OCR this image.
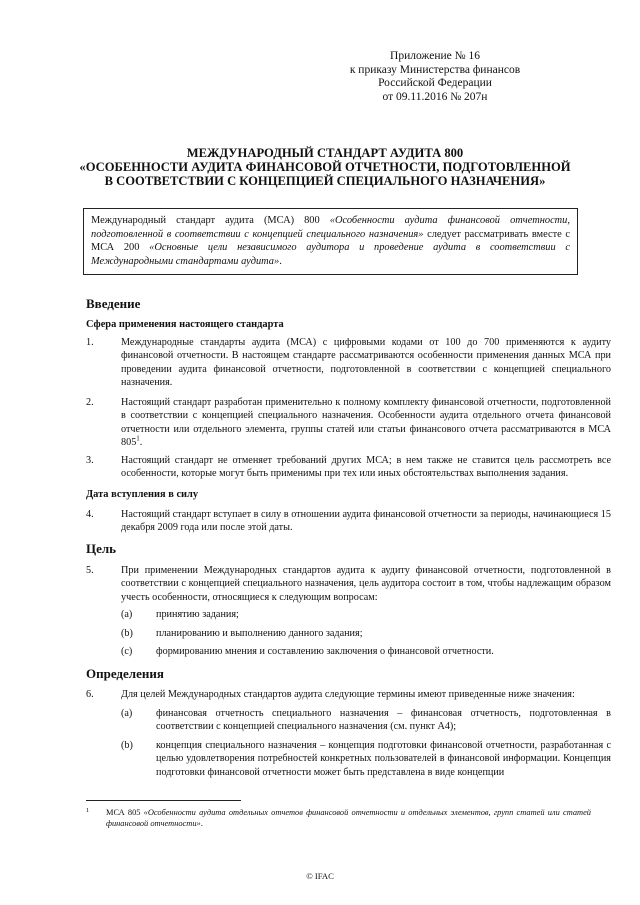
Приложение № 16
к приказу Министерства финансов
Российской Федерации
от 09.11.2016 № 207н
МЕЖДУНАРОДНЫЙ СТАНДАРТ АУДИТА 800
«ОСОБЕННОСТИ АУДИТА ФИНАНСОВОЙ ОТЧЕТНОСТИ, ПОДГОТОВЛЕННОЙ
В СООТВЕТСТВИИ С КОНЦЕПЦИЕЙ СПЕЦИАЛЬНОГО НАЗНАЧЕНИЯ»
Международный стандарт аудита (МСА) 800 «Особенности аудита финансовой отчетности, подготовленной в соответствии с концепцией специального назначения» следует рассматривать вместе с МСА 200 «Основные цели независимого аудитора и проведение аудита в соответствии с Международными стандартами аудита».
Введение
Сфера применения настоящего стандарта
1.	Международные стандарты аудита (МСА) с цифровыми кодами от 100 до 700 применяются к аудиту финансовой отчетности. В настоящем стандарте рассматриваются особенности применения данных МСА при проведении аудита финансовой отчетности, подготовленной в соответствии с концепцией специального назначения.
2.	Настоящий стандарт разработан применительно к полному комплекту финансовой отчетности, подготовленной в соответствии с концепцией специального назначения. Особенности аудита отдельного отчета финансовой отчетности или отдельного элемента, группы статей или статьи финансового отчета рассматриваются в МСА $805^1$.
3.	Настоящий стандарт не отменяет требований других МСА; в нем также не ставится цель рассмотреть все особенности, которые могут быть применимы при тех или иных обстоятельствах выполнения задания.
Дата вступления в силу
4.	Настоящий стандарт вступает в силу в отношении аудита финансовой отчетности за периоды, начинающиеся 15 декабря 2009 года или после этой даты.
Цель
5.	При применении Международных стандартов аудита к аудиту финансовой отчетности, подготовленной в соответствии с концепцией специального назначения, цель аудитора состоит в том, чтобы надлежащим образом учесть особенности, относящиеся к следующим вопросам:
(a) принятию задания;
(b) планированию и выполнению данного задания;
(c) формированию мнения и составлению заключения о финансовой отчетности.
Определения
6.	Для целей Международных стандартов аудита следующие термины имеют приведенные ниже значения:
(a) финансовая отчетность специального назначения – финансовая отчетность, подготовленная в соответствии с концепцией специального назначения (см. пункт А4);
(b) концепция специального назначения – концепция подготовки финансовой отчетности, разработанная с целью удовлетворения потребностей конкретных пользователей в финансовой информации. Концепция подготовки финансовой отчетности может быть представлена в виде концепции
1 МСА 805 «Особенности аудита отдельных отчетов финансовой отчетности и отдельных элементов, групп статей или статей финансовой отчетности».
© IFAC
